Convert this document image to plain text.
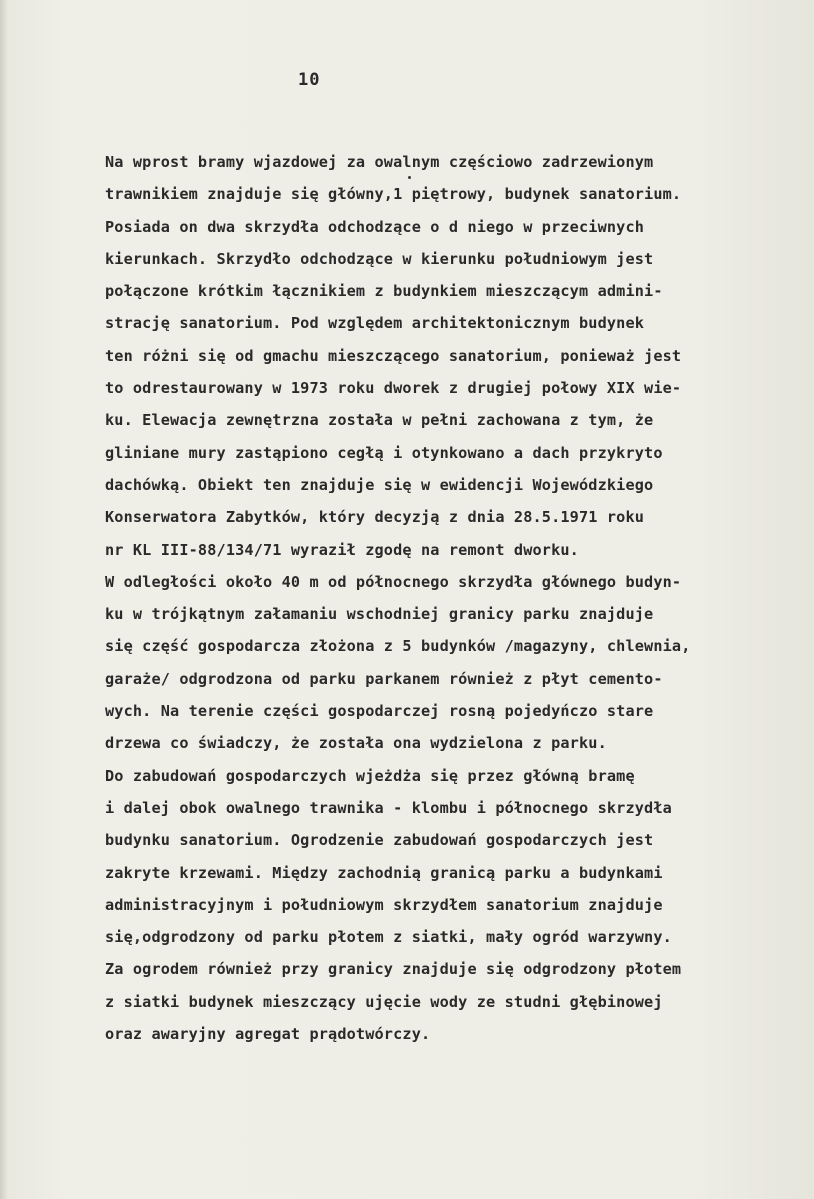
10
Na wprost bramy wjazdowej za owalnym częściowo zadrzewionym
trawnikiem znajduje się główny,1 piętrowy, budynek sanatorium.
Posiada on dwa skrzydła odchodzące o d niego w przeciwnych
kierunkach. Skrzydło odchodzące w kierunku południowym jest
połączone krótkim łącznikiem z budynkiem mieszczącym admini-
strację sanatorium. Pod względem architektonicznym budynek
ten różni się od gmachu mieszczącego sanatorium, ponieważ jest
to odrestaurowany w 1973 roku dworek z drugiej połowy XIX wie-
ku. Elewacja zewnętrzna została w pełni zachowana z tym, że
gliniane mury zastąpiono cegłą i otynkowano a dach przykryto
dachówką. Obiekt ten znajduje się w ewidencji Wojewódzkiego
Konserwatora Zabytków, który decyzją z dnia 28.5.1971 roku
nr KL III-88/134/71 wyraził zgodę na remont dworku.
W odległości około 40 m od północnego skrzydła głównego budyn-
ku w trójkątnym załamaniu wschodniej granicy parku znajduje
się część gospodarcza złożona z 5 budynków /magazyny, chlewnia,
garaże/ odgrodzona od parku parkanem również z płyt cemento-
wych. Na terenie części gospodarczej rosną pojedyńczo stare
drzewa co świadczy, że została ona wydzielona z parku.
Do zabudowań gospodarczych wjeżdża się przez główną bramę
i dalej obok owalnego trawnika - klombu i północnego skrzydła
budynku sanatorium. Ogrodzenie zabudowań gospodarczych jest
zakryte krzewami. Między zachodnią granicą parku a budynkami
administracyjnym i południowym skrzydłem sanatorium znajduje
się,odgrodzony od parku płotem z siatki, mały ogród warzywny.
Za ogrodem również przy granicy znajduje się odgrodzony płotem
z siatki budynek mieszczący ujęcie wody ze studni głębinowej
oraz awaryjny agregat prądotwórczy.
